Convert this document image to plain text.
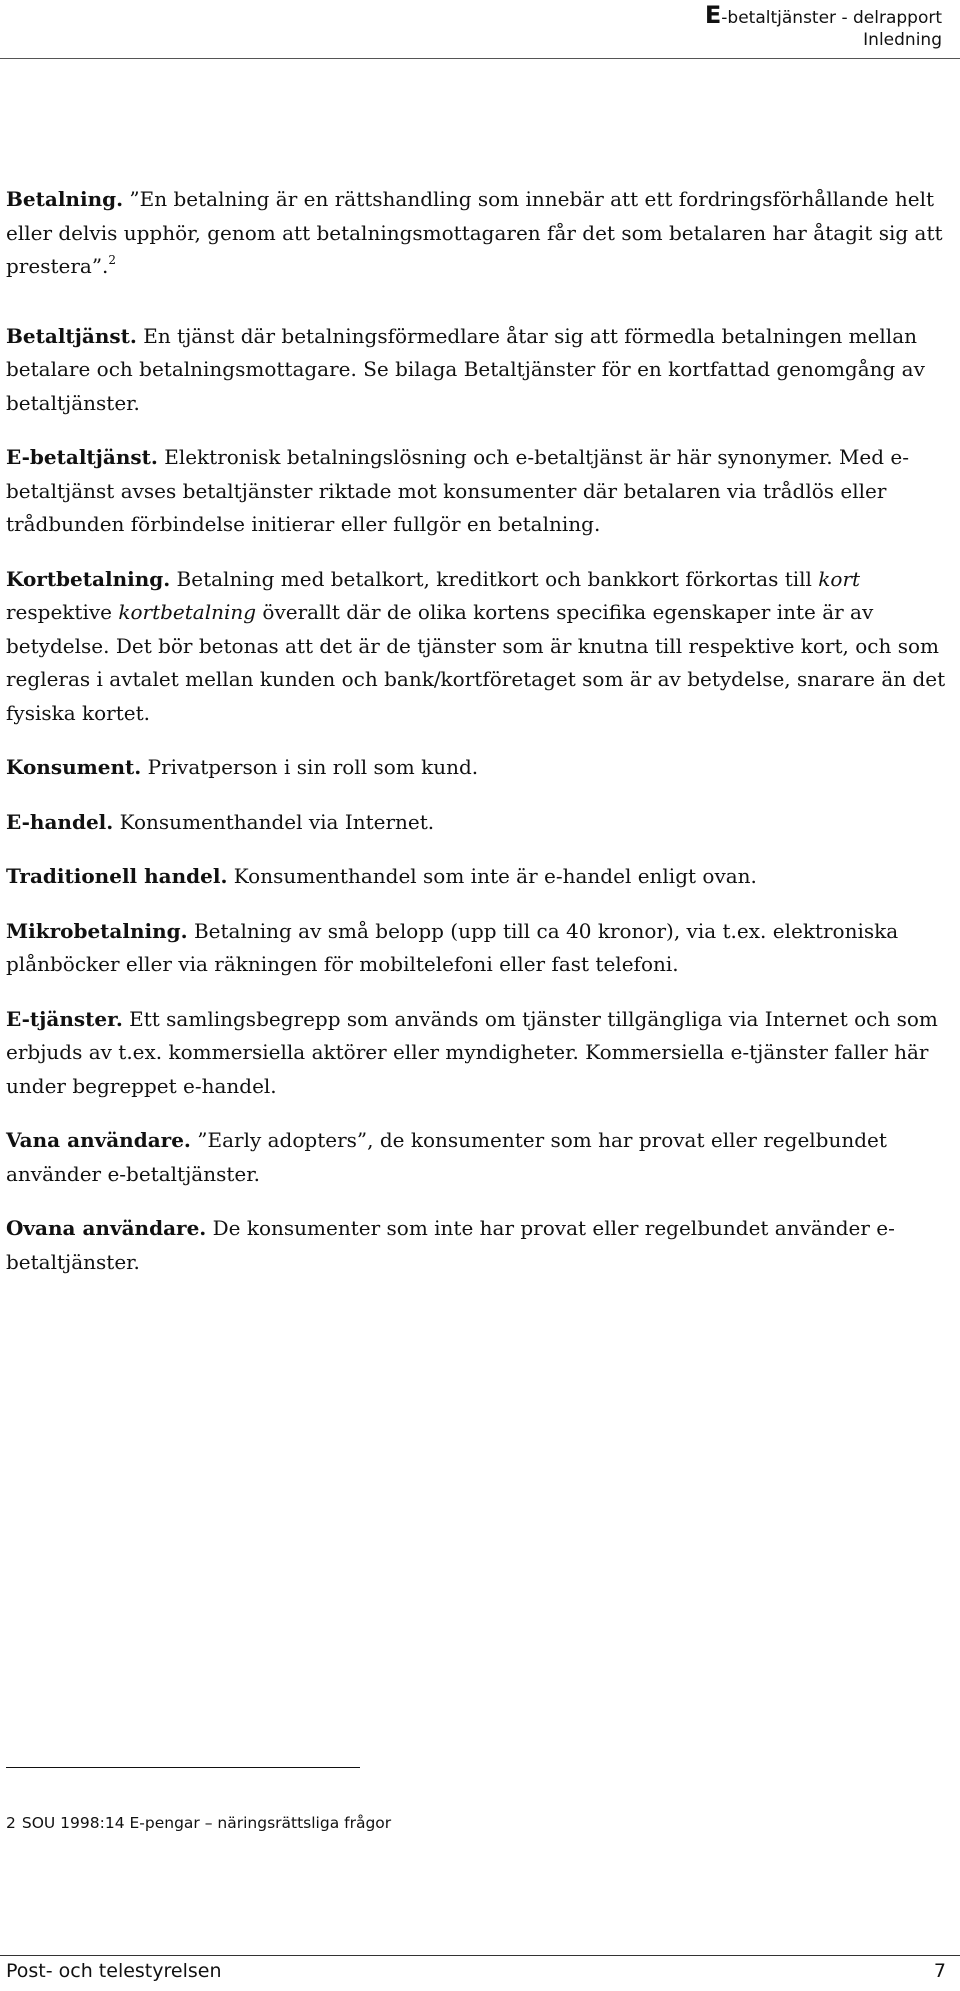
E-betaltjänster - delrapport
Inledning

Betalning. ”En betalning är en rättshandling som innebär att ett fordringsförhållande helt eller delvis upphör, genom att betalningsmottagaren får det som betalaren har åtagit sig att prestera”.$^2$

Betaltjänst. En tjänst där betalningsförmedlare åtar sig att förmedla betalningen mellan betalare och betalningsmottagare. Se bilaga Betaltjänster för en kortfattad genomgång av betaltjänster.

E-betaltjänst. Elektronisk betalningslösning och e-betaltjänst är här synonymer. Med e-betaltjänst avses betaltjänster riktade mot konsumenter där betalaren via trådlös eller trådbunden förbindelse initierar eller fullgör en betalning.

Kortbetalning. Betalning med betalkort, kreditkort och bankkort förkortas till kort respektive kortbetalning överallt där de olika kortens specifika egenskaper inte är av betydelse. Det bör betonas att det är de tjänster som är knutna till respektive kort, och som regleras i avtalet mellan kunden och bank/kortföretaget som är av betydelse, snarare än det fysiska kortet.

Konsument. Privatperson i sin roll som kund.

E-handel. Konsumenthandel via Internet.

Traditionell handel. Konsumenthandel som inte är e-handel enligt ovan.

Mikrobetalning. Betalning av små belopp (upp till ca 40 kronor), via t.ex. elektroniska plånböcker eller via räkningen för mobiltelefoni eller fast telefoni.

E-tjänster. Ett samlingsbegrepp som används om tjänster tillgängliga via Internet och som erbjuds av t.ex. kommersiella aktörer eller myndigheter. Kommersiella e-tjänster faller här under begreppet e-handel.

Vana användare. ”Early adopters”, de konsumenter som har provat eller regelbundet använder e-betaltjänster.

Ovana användare. De konsumenter som inte har provat eller regelbundet använder e-betaltjänster.

2 SOU 1998:14 E-pengar – näringsrättsliga frågor
Post- och telestyrelsen	7
